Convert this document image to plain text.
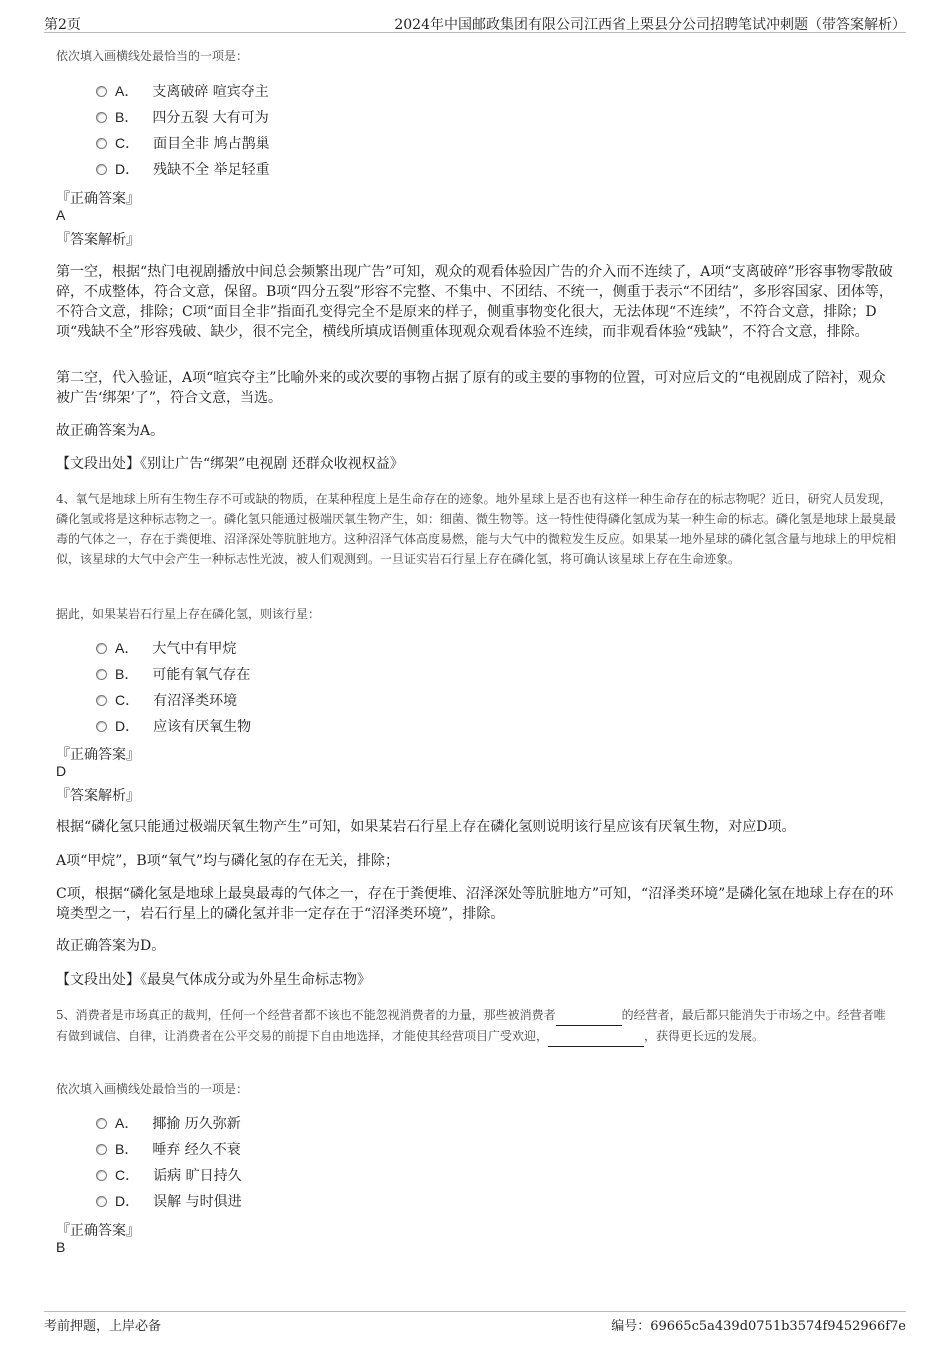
第2页	2024年中国邮政集团有限公司江西省上栗县分公司招聘笔试冲刺题（带答案解析）
依次填入画横线处最恰当的一项是：
A． 支离破碎 喧宾夺主
B． 四分五裂 大有可为
C． 面目全非 鸠占鹊巢
D． 残缺不全 举足轻重
『正确答案』
A
『答案解析』
第一空，根据“热门电视剧播放中间总会频繁出现广告”可知，观众的观看体验因广告的介入而不连续了，A项“支离破碎”形容事物零散破碎，不成整体，符合文意，保留。B项“四分五裂”形容不完整、不集中、不团结、不统一，侧重于表示“不团结”，多形容国家、团体等，不符合文意，排除；C项“面目全非”指面孔变得完全不是原来的样子，侧重事物变化很大，无法体现“不连续”，不符合文意，排除；D项“残缺不全”形容残破、缺少，很不完全，横线所填成语侧重体现观众观看体验不连续，而非观看体验“残缺”，不符合文意，排除。
第二空，代入验证，A项“喧宾夺主”比喻外来的或次要的事物占据了原有的或主要的事物的位置，可对应后文的“电视剧成了陪衬，观众被广告‘绑架’了”，符合文意，当选。
故正确答案为A。
【文段出处】《别让广告“绑架”电视剧 还群众收视权益》
4、氧气是地球上所有生物生存不可或缺的物质，在某种程度上是生命存在的迹象。地外星球上是否也有这样一种生命存在的标志物呢？近日，研究人员发现，磷化氢或将是这种标志物之一。磷化氢只能通过极端厌氧生物产生，如：细菌、微生物等。这一特性使得磷化氢成为某一种生命的标志。磷化氢是地球上最臭最毒的气体之一，存在于粪便堆、沼泽深处等肮脏地方。这种沼泽气体高度易燃，能与大气中的微粒发生反应。如果某一地外星球的磷化氢含量与地球上的甲烷相似，该星球的大气中会产生一种标志性光波，被人们观测到。一旦证实岩石行星上存在磷化氢，将可确认该星球上存在生命迹象。
据此，如果某岩石行星上存在磷化氢，则该行星：
A． 大气中有甲烷
B． 可能有氧气存在
C． 有沼泽类环境
D． 应该有厌氧生物
『正确答案』
D
『答案解析』
根据“磷化氢只能通过极端厌氧生物产生”可知，如果某岩石行星上存在磷化氢则说明该行星应该有厌氧生物，对应D项。
A项“甲烷”，B项“氧气”均与磷化氢的存在无关，排除；
C项，根据“磷化氢是地球上最臭最毒的气体之一，存在于粪便堆、沼泽深处等肮脏地方”可知，“沼泽类环境”是磷化氢在地球上存在的环境类型之一，岩石行星上的磷化氢并非一定存在于“沼泽类环境”，排除。
故正确答案为D。
【文段出处】《最臭气体成分或为外星生命标志物》
5、消费者是市场真正的裁判，任何一个经营者都不该也不能忽视消费者的力量，那些被消费者	的经营者，最后都只能消失于市场之中。经营者唯有做到诚信、自律，让消费者在公平交易的前提下自由地选择，才能使其经营项目广受欢迎，	，获得更长远的发展。
依次填入画横线处最恰当的一项是：
A． 揶揄 历久弥新
B． 唾弃 经久不衰
C． 诟病 旷日持久
D． 误解 与时俱进
『正确答案』
B
考前押题，上岸必备	编号：69665c5a439d0751b3574f9452966f7e
